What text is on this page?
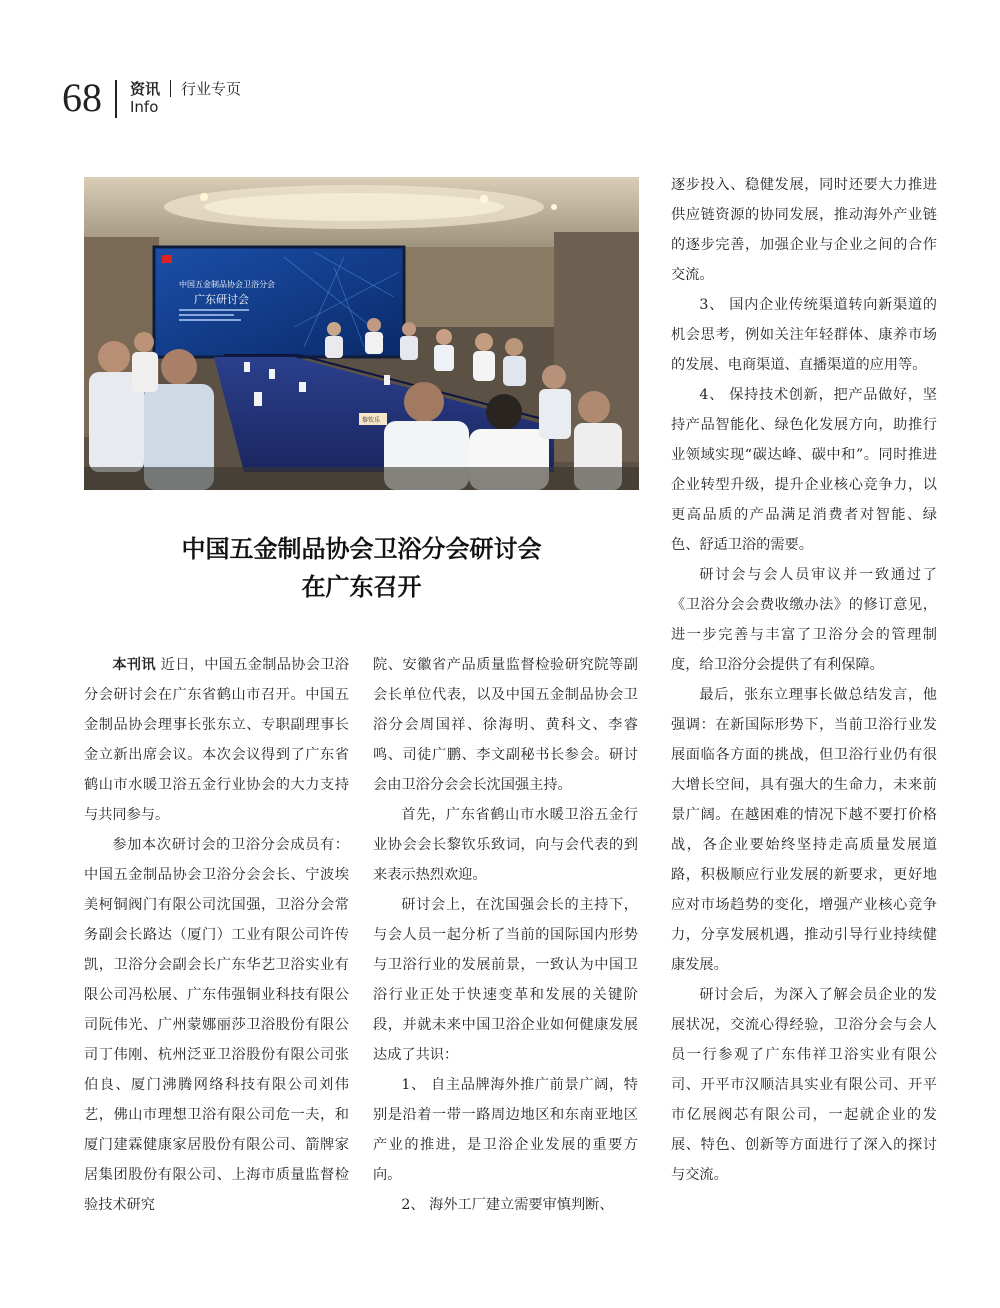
68 资讯 行业专页
Info
中国五金制品协会卫浴分会
广东研讨会
黎钦乐
中国五金制品协会卫浴分会研讨会
在广东召开

本刊讯 近日，中国五金制品协会卫浴分会研讨会在广东省鹤山市召开。中国五金制品协会理事长张东立、专职副理事长金立新出席会议。本次会议得到了广东省鹤山市水暖卫浴五金行业协会的大力支持与共同参与。

参加本次研讨会的卫浴分会成员有：中国五金制品协会卫浴分会会长、宁波埃美柯铜阀门有限公司沈国强，卫浴分会常务副会长路达（厦门）工业有限公司许传凯，卫浴分会副会长广东华艺卫浴实业有限公司冯松展、广东伟强铜业科技有限公司阮伟光、广州蒙娜丽莎卫浴股份有限公司丁伟刚、杭州泛亚卫浴股份有限公司张伯良、厦门沸腾网络科技有限公司刘伟艺，佛山市理想卫浴有限公司危一夫，和厦门建霖健康家居股份有限公司、箭牌家居集团股份有限公司、上海市质量监督检验技术研究

院、安徽省产品质量监督检验研究院等副会长单位代表，以及中国五金制品协会卫浴分会周国祥、徐海明、黄科文、李睿鸣、司徒广鹏、李文副秘书长参会。研讨会由卫浴分会会长沈国强主持。

首先，广东省鹤山市水暖卫浴五金行业协会会长黎钦乐致词，向与会代表的到来表示热烈欢迎。

研讨会上，在沈国强会长的主持下，与会人员一起分析了当前的国际国内形势与卫浴行业的发展前景，一致认为中国卫浴行业正处于快速变革和发展的关键阶段，并就未来中国卫浴企业如何健康发展达成了共识：

1、 自主品牌海外推广前景广阔，特别是沿着一带一路周边地区和东南亚地区产业的推进，是卫浴企业发展的重要方向。

2、 海外工厂建立需要审慎判断、

逐步投入、稳健发展，同时还要大力推进供应链资源的协同发展，推动海外产业链的逐步完善，加强企业与企业之间的合作交流。

3、 国内企业传统渠道转向新渠道的机会思考，例如关注年轻群体、康养市场的发展、电商渠道、直播渠道的应用等。

4、 保持技术创新，把产品做好，坚持产品智能化、绿色化发展方向，助推行业领域实现“碳达峰、碳中和”。同时推进企业转型升级，提升企业核心竞争力，以更高品质的产品满足消费者对智能、绿色、舒适卫浴的需要。

研讨会与会人员审议并一致通过了《卫浴分会会费收缴办法》的修订意见，进一步完善与丰富了卫浴分会的管理制度，给卫浴分会提供了有利保障。

最后，张东立理事长做总结发言，他强调：在新国际形势下，当前卫浴行业发展面临各方面的挑战，但卫浴行业仍有很大增长空间，具有强大的生命力，未来前景广阔。在越困难的情况下越不要打价格战，各企业要始终坚持走高质量发展道路，积极顺应行业发展的新要求，更好地应对市场趋势的变化，增强产业核心竞争力，分享发展机遇，推动引导行业持续健康发展。

研讨会后，为深入了解会员企业的发展状况，交流心得经验，卫浴分会与会人员一行参观了广东伟祥卫浴实业有限公司、开平市汉顺洁具实业有限公司、开平市亿展阀芯有限公司，一起就企业的发展、特色、创新等方面进行了深入的探讨与交流。
